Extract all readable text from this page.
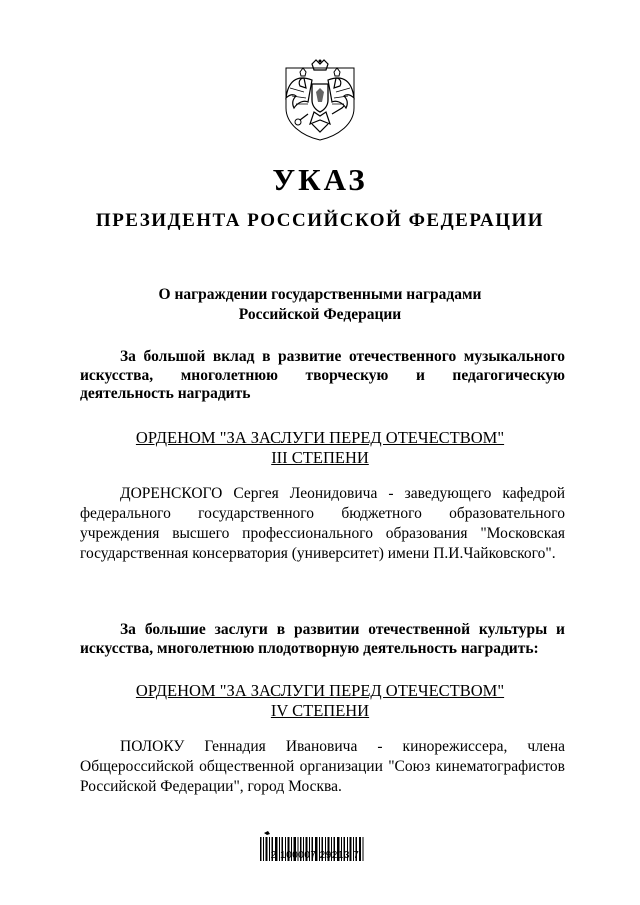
УКАЗ
ПРЕЗИДЕНТА РОССИЙСКОЙ ФЕДЕРАЦИИ
О награждении государственными наградами
Российской Федерации

За большой вклад в развитие отечественного музыкального искусства, многолетнюю творческую и педагогическую деятельность наградить

ОРДЕНОМ "ЗА ЗАСЛУГИ ПЕРЕД ОТЕЧЕСТВОМ"
III СТЕПЕНИ

ДОРЕНСКОГО Сергея Леонидовича - заведующего кафедрой федерального государственного бюджетного образовательного учреждения высшего профессионального образования "Московская государственная консерватория (университет) имени П.И.Чайковского".

За большие заслуги в развитии отечественной культуры и искусства, многолетнюю плодотворную деятельность наградить:

ОРДЕНОМ "ЗА ЗАСЛУГИ ПЕРЕД ОТЕЧЕСТВОМ"
IV СТЕПЕНИ

ПОЛОКУ Геннадия Ивановича - кинорежиссера, члена Общероссийской общественной организации "Союз кинематографистов Российской Федерации", город Москва.

2 100007 29213 7
